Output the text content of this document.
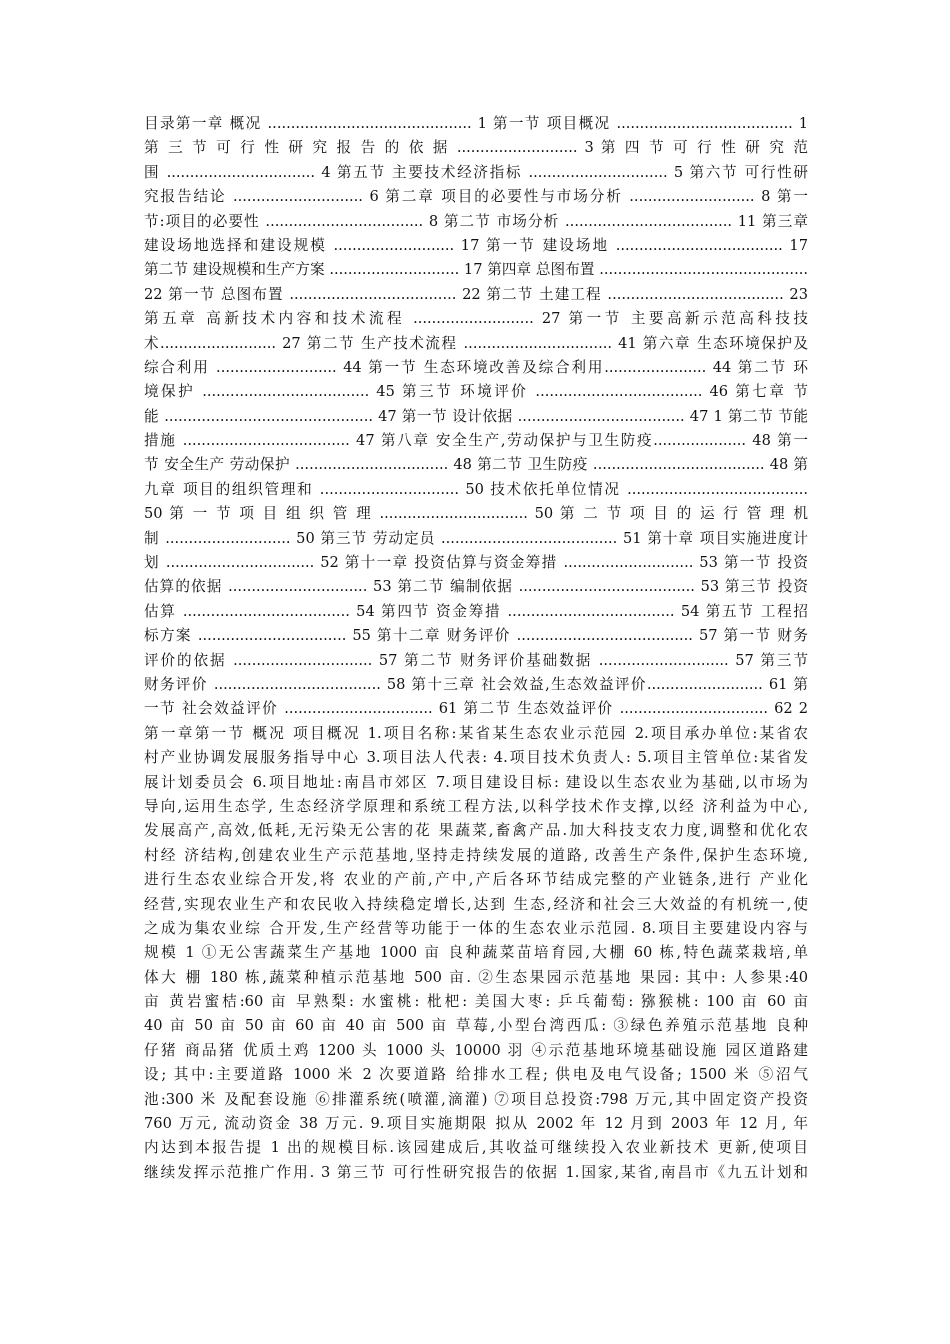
目录第一章 概况 ............................................ 1 第一节 项目概况 ...................................... 1
第 三 节 可 行 性 研 究 报 告 的 依 据 .......................... 3 第 四 节 可 行 性 研 究 范
围 ................................ 4 第五节 主要技术经济指标 .............................. 5 第六节 可行性研
究报告结论 ............................ 6 第二章 项目的必要性与市场分析 ........................... 8 第一
节:项目的必要性 .................................. 8 第二节 市场分析 .................................... 11 第三章
建设场地选择和建设规模 .......................... 17 第一节 建设场地 .................................... 17
第二节 建设规模和生产方案 ............................ 17 第四章 总图布置 .............................................
22 第一节 总图布置 .................................... 22 第二节 土建工程 ...................................... 23
第五章 高新技术内容和技术流程 .......................... 27 第一节 主要高新示范高科技技
术......................... 27 第二节 生产技术流程 ................................ 41 第六章 生态环境保护及
综合利用 .......................... 44 第一节 生态环境改善及综合利用...................... 44 第二节 环
境保护 .................................... 45 第三节 环境评价 .................................... 46 第七章 节
能 ............................................. 47 第一节 设计依据 .................................... 47 1 第二节 节能
措施 .................................... 47 第八章 安全生产,劳动保护与卫生防疫.................... 48 第一
节 安全生产 劳动保护 ................................. 48 第二节 卫生防疫 ..................................... 48 第
九章 项目的组织管理和 .............................. 50 技术依托单位情况 .......................................
50 第 一 节 项 目 组 织 管 理 ................................ 50 第 二 节 项 目 的 运 行 管 理 机
制 ........................... 50 第三节 劳动定员 ...................................... 51 第十章 项目实施进度计
划 ................................ 52 第十一章 投资估算与资金筹措 ............................ 53 第一节 投资
估算的依据 .............................. 53 第二节 编制依据 ...................................... 53 第三节 投资
估算 .................................... 54 第四节 资金筹措 .................................... 54 第五节 工程招
标方案 ................................ 55 第十二章 财务评价 ...................................... 57 第一节 财务
评价的依据 .............................. 57 第二节 财务评价基础数据 ............................ 57 第三节
财务评价 .................................... 58 第十三章 社会效益,生态效益评价......................... 61 第
一节 社会效益评价 ................................ 61 第二节 生态效益评价 ................................ 62 2
第一章第一节 概况 项目概况 1.项目名称:某省某生态农业示范园 2.项目承办单位:某省农
村产业协调发展服务指导中心 3.项目法人代表: 4.项目技术负责人: 5.项目主管单位:某省发
展计划委员会 6.项目地址:南昌市郊区 7.项目建设目标: 建设以生态农业为基础,以市场为
导向,运用生态学, 生态经济学原理和系统工程方法,以科学技术作支撑,以经 济利益为中心,
发展高产,高效,低耗,无污染无公害的花 果蔬菜,畜禽产品.加大科技支农力度,调整和优化农
村经 济结构,创建农业生产示范基地,坚持走持续发展的道路, 改善生产条件,保护生态环境,
进行生态农业综合开发,将 农业的产前,产中,产后各环节结成完整的产业链条,进行 产业化
经营,实现农业生产和农民收入持续稳定增长,达到 生态,经济和社会三大效益的有机统一,使
之成为集农业综 合开发,生产经营等功能于一体的生态农业示范园. 8.项目主要建设内容与
规模 1 ①无公害蔬菜生产基地 1000 亩 良种蔬菜苗培育园,大棚 60 栋,特色蔬菜栽培,单
体大 棚 180 栋,蔬菜种植示范基地 500 亩. ②生态果园示范基地 果园: 其中: 人参果:40
亩 黄岩蜜桔:60 亩 早熟梨: 水蜜桃: 枇杷: 美国大枣: 乒乓葡萄: 猕猴桃: 100 亩 60 亩
40 亩 50 亩 50 亩 60 亩 40 亩 500 亩 草莓,小型台湾西瓜: ③绿色养殖示范基地 良种
仔猪 商品猪 优质土鸡 1200 头 1000 头 10000 羽 ④示范基地环境基础设施 园区道路建
设; 其中:主要道路 1000 米 2 次要道路 给排水工程; 供电及电气设备; 1500 米 ⑤沼气
池:300 米 及配套设施 ⑥排灌系统(喷灌,滴灌) ⑦项目总投资:798 万元,其中固定资产投资
760 万元, 流动资金 38 万元. 9.项目实施期限 拟从 2002 年 12 月到 2003 年 12 月, 年
内达到本报告提 1 出的规模目标.该园建成后,其收益可继续投入农业新技术 更新,使项目
继续发挥示范推广作用. 3 第三节 可行性研究报告的依据 1.国家,某省,南昌市《九五计划和
